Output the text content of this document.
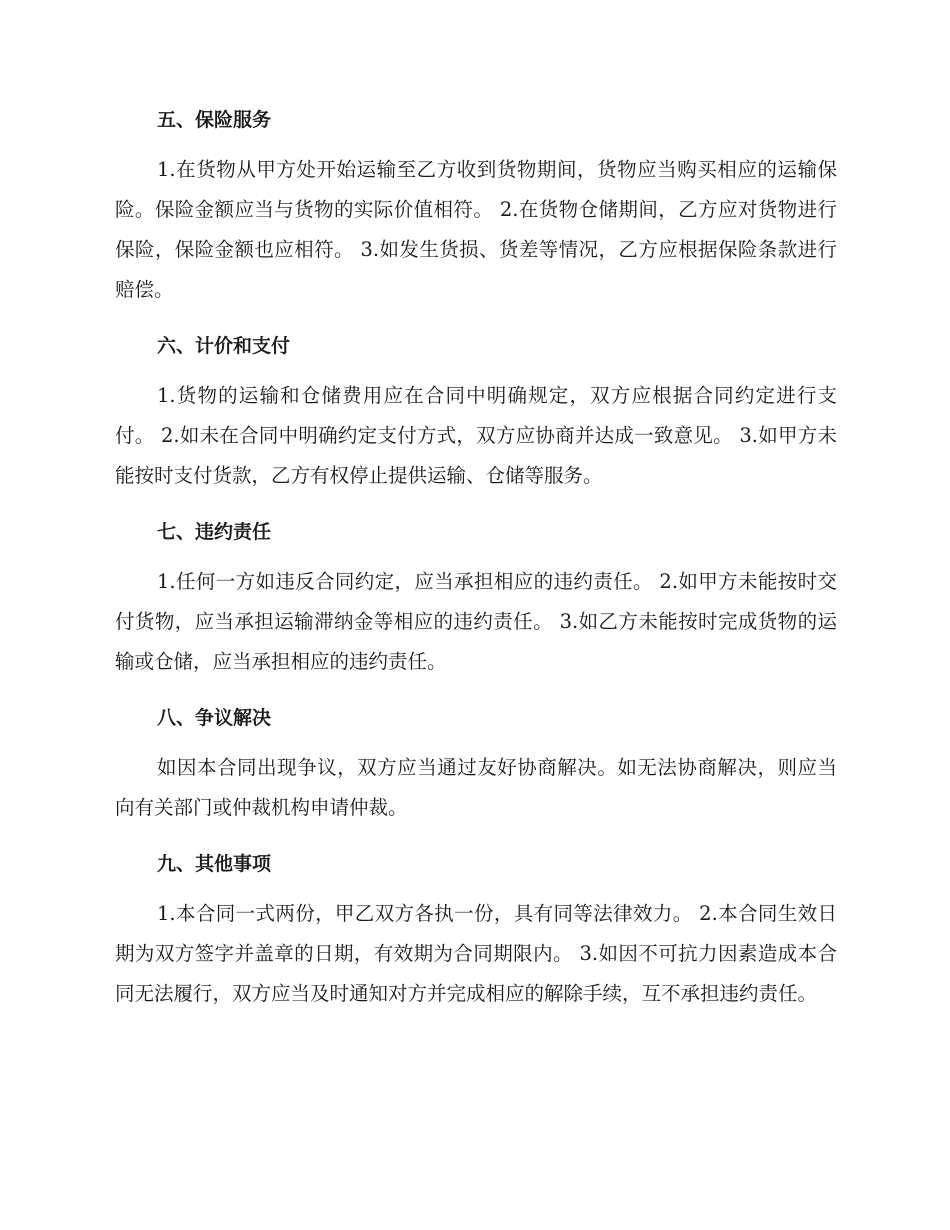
五、保险服务

1.在货物从甲方处开始运输至乙方收到货物期间，货物应当购买相应的运输保险。保险金额应当与货物的实际价值相符。 2.在货物仓储期间，乙方应对货物进行保险，保险金额也应相符。 3.如发生货损、货差等情况，乙方应根据保险条款进行赔偿。

六、计价和支付

1.货物的运输和仓储费用应在合同中明确规定，双方应根据合同约定进行支付。 2.如未在合同中明确约定支付方式，双方应协商并达成一致意见。 3.如甲方未能按时支付货款，乙方有权停止提供运输、仓储等服务。

七、违约责任

1.任何一方如违反合同约定，应当承担相应的违约责任。 2.如甲方未能按时交付货物，应当承担运输滞纳金等相应的违约责任。 3.如乙方未能按时完成货物的运输或仓储，应当承担相应的违约责任。

八、争议解决

如因本合同出现争议，双方应当通过友好协商解决。如无法协商解决，则应当向有关部门或仲裁机构申请仲裁。

九、其他事项

1.本合同一式两份，甲乙双方各执一份，具有同等法律效力。 2.本合同生效日期为双方签字并盖章的日期，有效期为合同期限内。 3.如因不可抗力因素造成本合同无法履行，双方应当及时通知对方并完成相应的解除手续，互不承担违约责任。
